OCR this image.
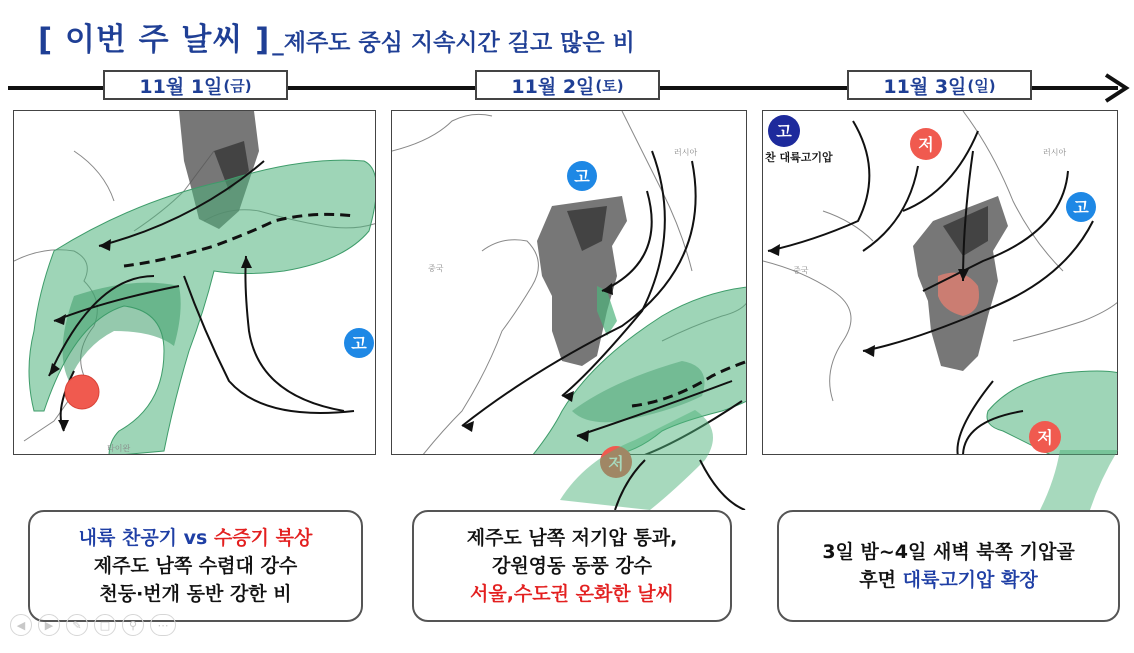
[ 이번 주 날씨 ] _제주도 중심 지속시간 길고 많은 비
11월 1일 (금)	11월 2일 (토)	11월 3일 (일)
고
타이완
고
러시아
중국
고
찬 대륙고기압
저
고
저
러시아
중국
내륙 찬공기 vs 수증기 북상
제주도 남쪽 수렴대 강수
천둥·번개 동반 강한 비
제주도 남쪽 저기압 통과,
강원영동 동풍 강수
서울,수도권 온화한 날씨
3일 밤~4일 새벽 북쪽 기압골
후면 대륙고기압 확장
◀	▶	✎	□	⚲	⋯
